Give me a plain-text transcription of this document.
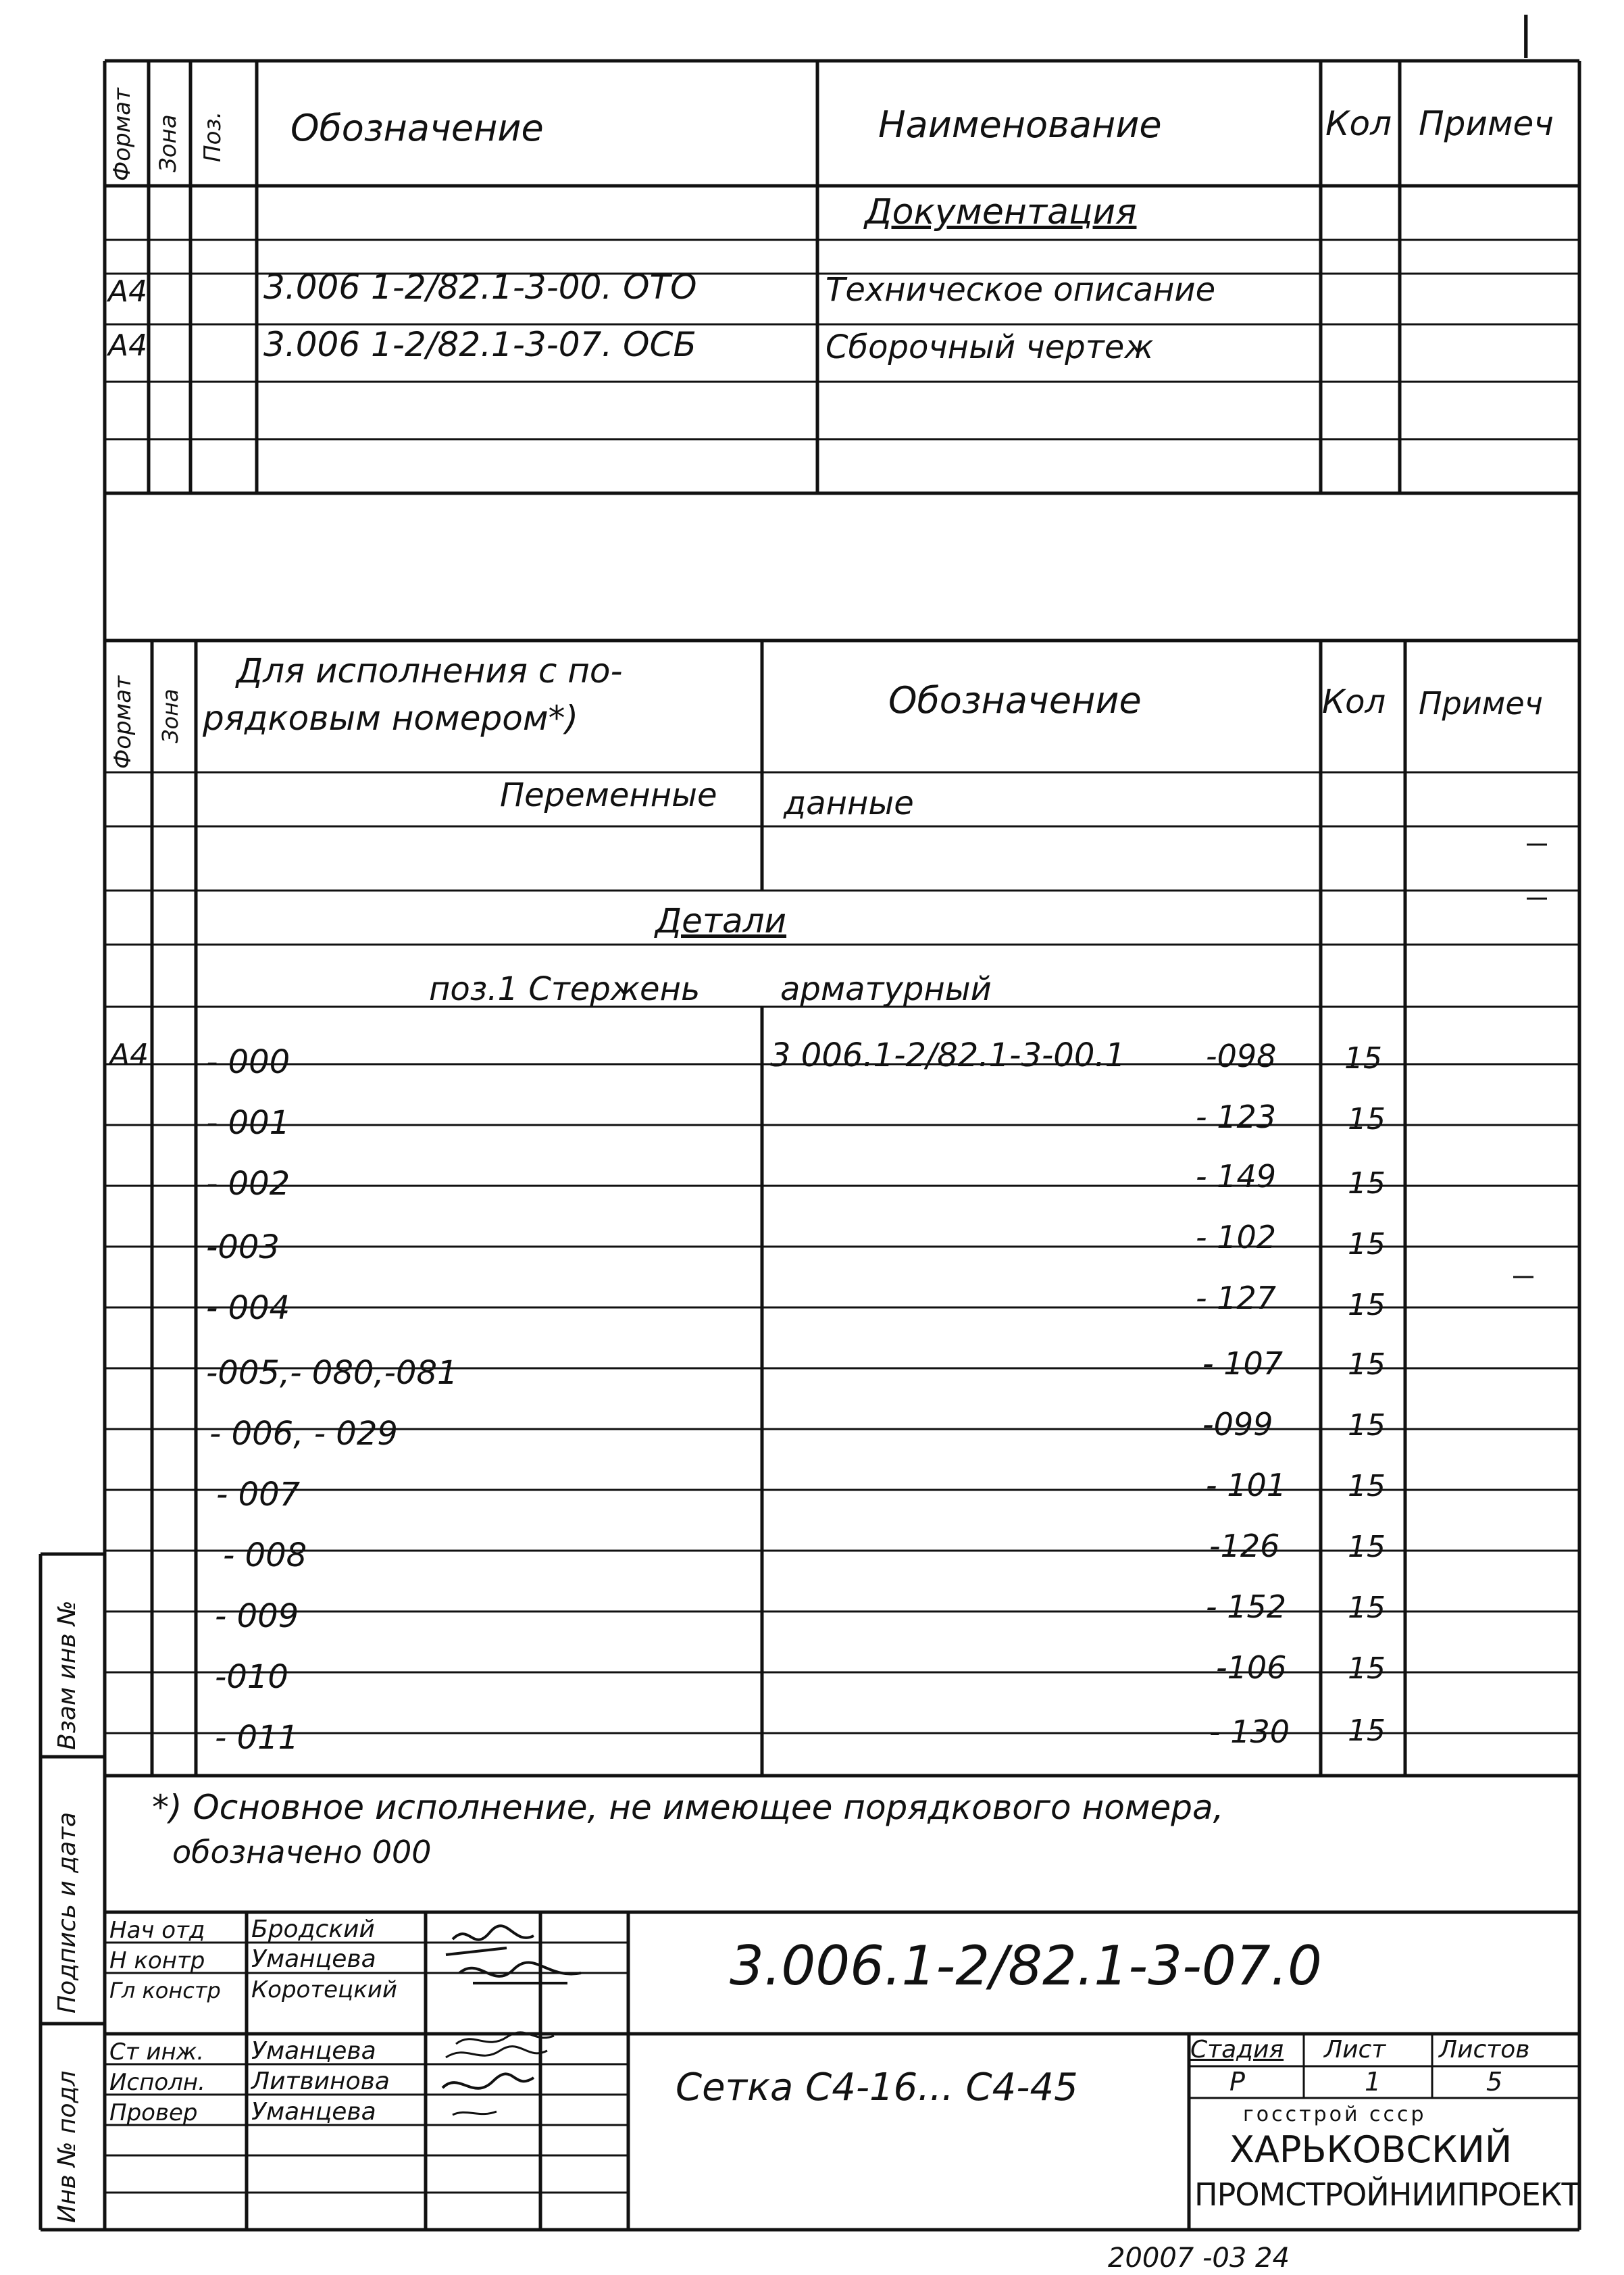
|
Формат Зона Поз. Обозначение	Наименование	Кол Примеч
Документация
А4	3.006 1-2/82.1-3-00. ОТО	Техническое описание
А4	3.006 1-2/82.1-3-07. ОСБ	Сборочный чертеж
Формат Зона
Для исполнения с по-
рядковым номером*)	Обозначение	Кол Примеч
Переменные данные
Детали
поз.1 Стержень арматурный
А4 - 000	3 006.1-2/82.1-3-00.1	-098 15
- 001	- 123 15
- 002	- 149 15
-003	- 102 15
- 004	- 127 15
-005,- 080,-081	- 107 15
- 006, - 029	-099	15
- 007	- 101 15
- 008	-126 15
- 009	- 152 15
-010	-106 15
- 011	- 130 15
*) Основное исполнение, не имеющее порядкового номера,
обозначено 000
Нач отд Бродский
Н контр Уманцева
Гл констр Коротецкий
Ст инж. Уманцева
Исполн. Литвинова
Провер Уманцева
3.006.1-2/82.1-3-07.0
Сетка С4-16... С4-45
Стадия Лист Листов
Р	1	5
госстрой ссср
ХАРЬКОВСКИЙ
ПРОМСТРОЙНИИПРОЕКТ
Инв № подл
Подпись и дата
Взам инв №
20007 -03 24
